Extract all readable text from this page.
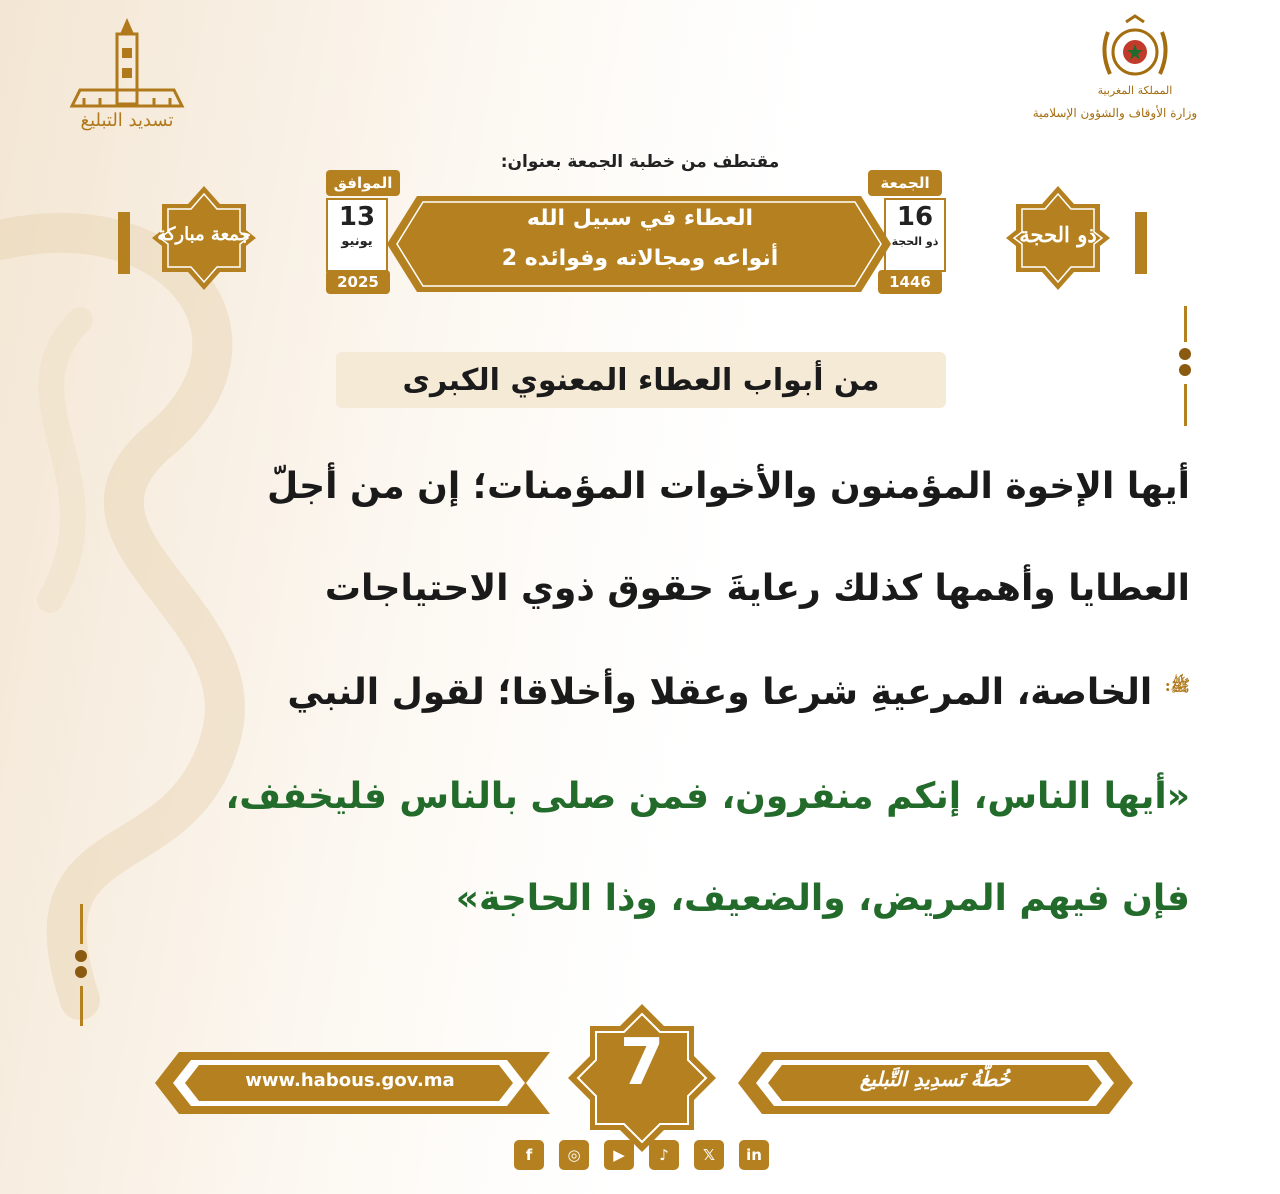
تسديد التبليغ
المملكة المغربية
وزارة الأوقاف والشؤون الإسلامية
مقتطف من خطبة الجمعة بعنوان:
ذو الحجة
جمعة مباركة
الجمعة
16
ذو الحجة
1446
الموافق
13
يونيو
2025
العطاء في سبيل الله
أنواعه ومجالاته وفوائده 2
من أبواب العطاء المعنوي الكبرى
أيها الإخوة المؤمنون والأخوات المؤمنات؛ إن من أجلّ
العطايا وأهمها كذلك رعايةَ حقوق ذوي الاحتياجات
$^{ﷺ:}$ الخاصة، المرعيةِ شرعا وعقلا وأخلاقا؛ لقول النبي
«أيها الناس، إنكم منفرون، فمن صلى بالناس فليخفف،
فإن فيهم المريض، والضعيف، وذا الحاجة»
www.habous.gov.ma	7	خُطّةُ تَسدِيدِ التَّبليغ
f	◎	▶	♪	𝕏	in
